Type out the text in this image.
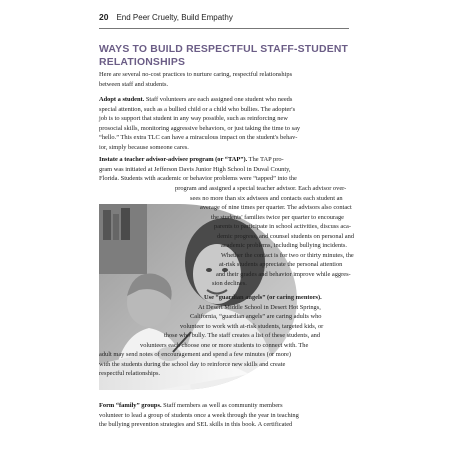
20 End Peer Cruelty, Build Empathy
WAYS TO BUILD RESPECTFUL STAFF-STUDENT
RELATIONSHIPS
Here are several no-cost practices to nurture caring, respectful relationships
between staff and students.
Adopt a student. Staff volunteers are each assigned one student who needs
special attention, such as a bullied child or a child who bullies. The adopter's
job is to support that student in any way possible, such as reinforcing new
prosocial skills, monitoring aggressive behaviors, or just taking the time to say
“hello.” This extra TLC can have a miraculous impact on the student's behav-
ior, simply because someone cares.
Instate a teacher advisor-advisee program (or “TAP”). The TAP pro-
gram was initiated at Jefferson Davis Junior High School in Duval County,
Florida. Students with academic or behavior problems were “tapped” into the
program and assigned a special teacher advisor. Each advisor over-
sees no more than six advisees and contacts each student an
average of nine times per quarter. The advisors also contact
the students' families twice per quarter to encourage
parents to participate in school activities, discuss aca-
demic progress, and counsel students on personal and
academic problems, including bullying incidents.
Whether the contact is for two or thirty minutes, the
at-risk students appreciate the personal attention
and their grades and behavior improve while aggres-
sion declines.
Use “guardian angels” (or caring mentors).
At Desert Middle School in Desert Hot Springs,
California, “guardian angels” are caring adults who
volunteer to work with at-risk students, targeted kids, or
those who bully. The staff creates a list of these students, and
volunteers each choose one or more students to connect with. The
adult may send notes of encouragement and spend a few minutes (or more)
with the students during the school day to reinforce new skills and create
respectful relationships.
Form “family” groups. Staff members as well as community members
volunteer to lead a group of students once a week through the year in teaching
the bullying prevention strategies and SEL skills in this book. A certificated
